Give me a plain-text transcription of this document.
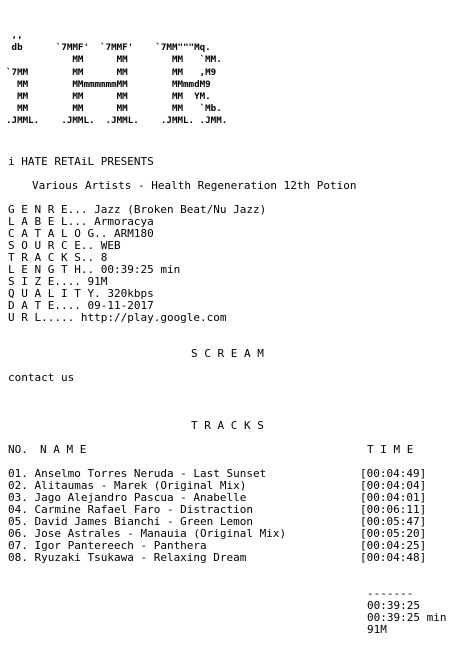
,,
db      `7MMF'  `7MMF'    `7MM"""Mq.
MM      MM        MM   `MM.
`7MM        MM      MM        MM   ,M9
MM        MMmmmmmmMM        MMmmdM9
MM        MM      MM        MM  YM.
MM        MM      MM        MM   `Mb.
.JMML.    .JMML.  .JMML.    .JMML. .JMM.
i HATE RETAiL PRESENTS
Various Artists - Health Regeneration 12th Potion
G E N R E... Jazz (Broken Beat/Nu Jazz)
L A B E L... Armoracya
C A T A L O G.. ARM180
S O U R C E.. WEB
T R A C K S.. 8
L E N G T H.. 00:39:25 min
S I Z E.... 91M
Q U A L I T Y. 320kbps
D A T E.... 09-11-2017
U R L..... http://play.google.com
S C R E A M
contact us
T R A C K S
NO. N A M E	T I M E
01. Anselmo Torres Neruda - Last Sunset	[00:04:49]
02. Alitaumas - Marek (Original Mix)	[00:04:04]
03. Jago Alejandro Pascua - Anabelle	[00:04:01]
04. Carmine Rafael Faro - Distraction	[00:06:11]
05. David James Bianchi - Green Lemon	[00:05:47]
06. Jose Astrales - Manauia (Original Mix)	[00:05:20]
07. Igor Pantereech - Panthera	[00:04:25]
08. Ryuzaki Tsukawa - Relaxing Dream	[00:04:48]
-------
00:39:25
00:39:25 min
91M
